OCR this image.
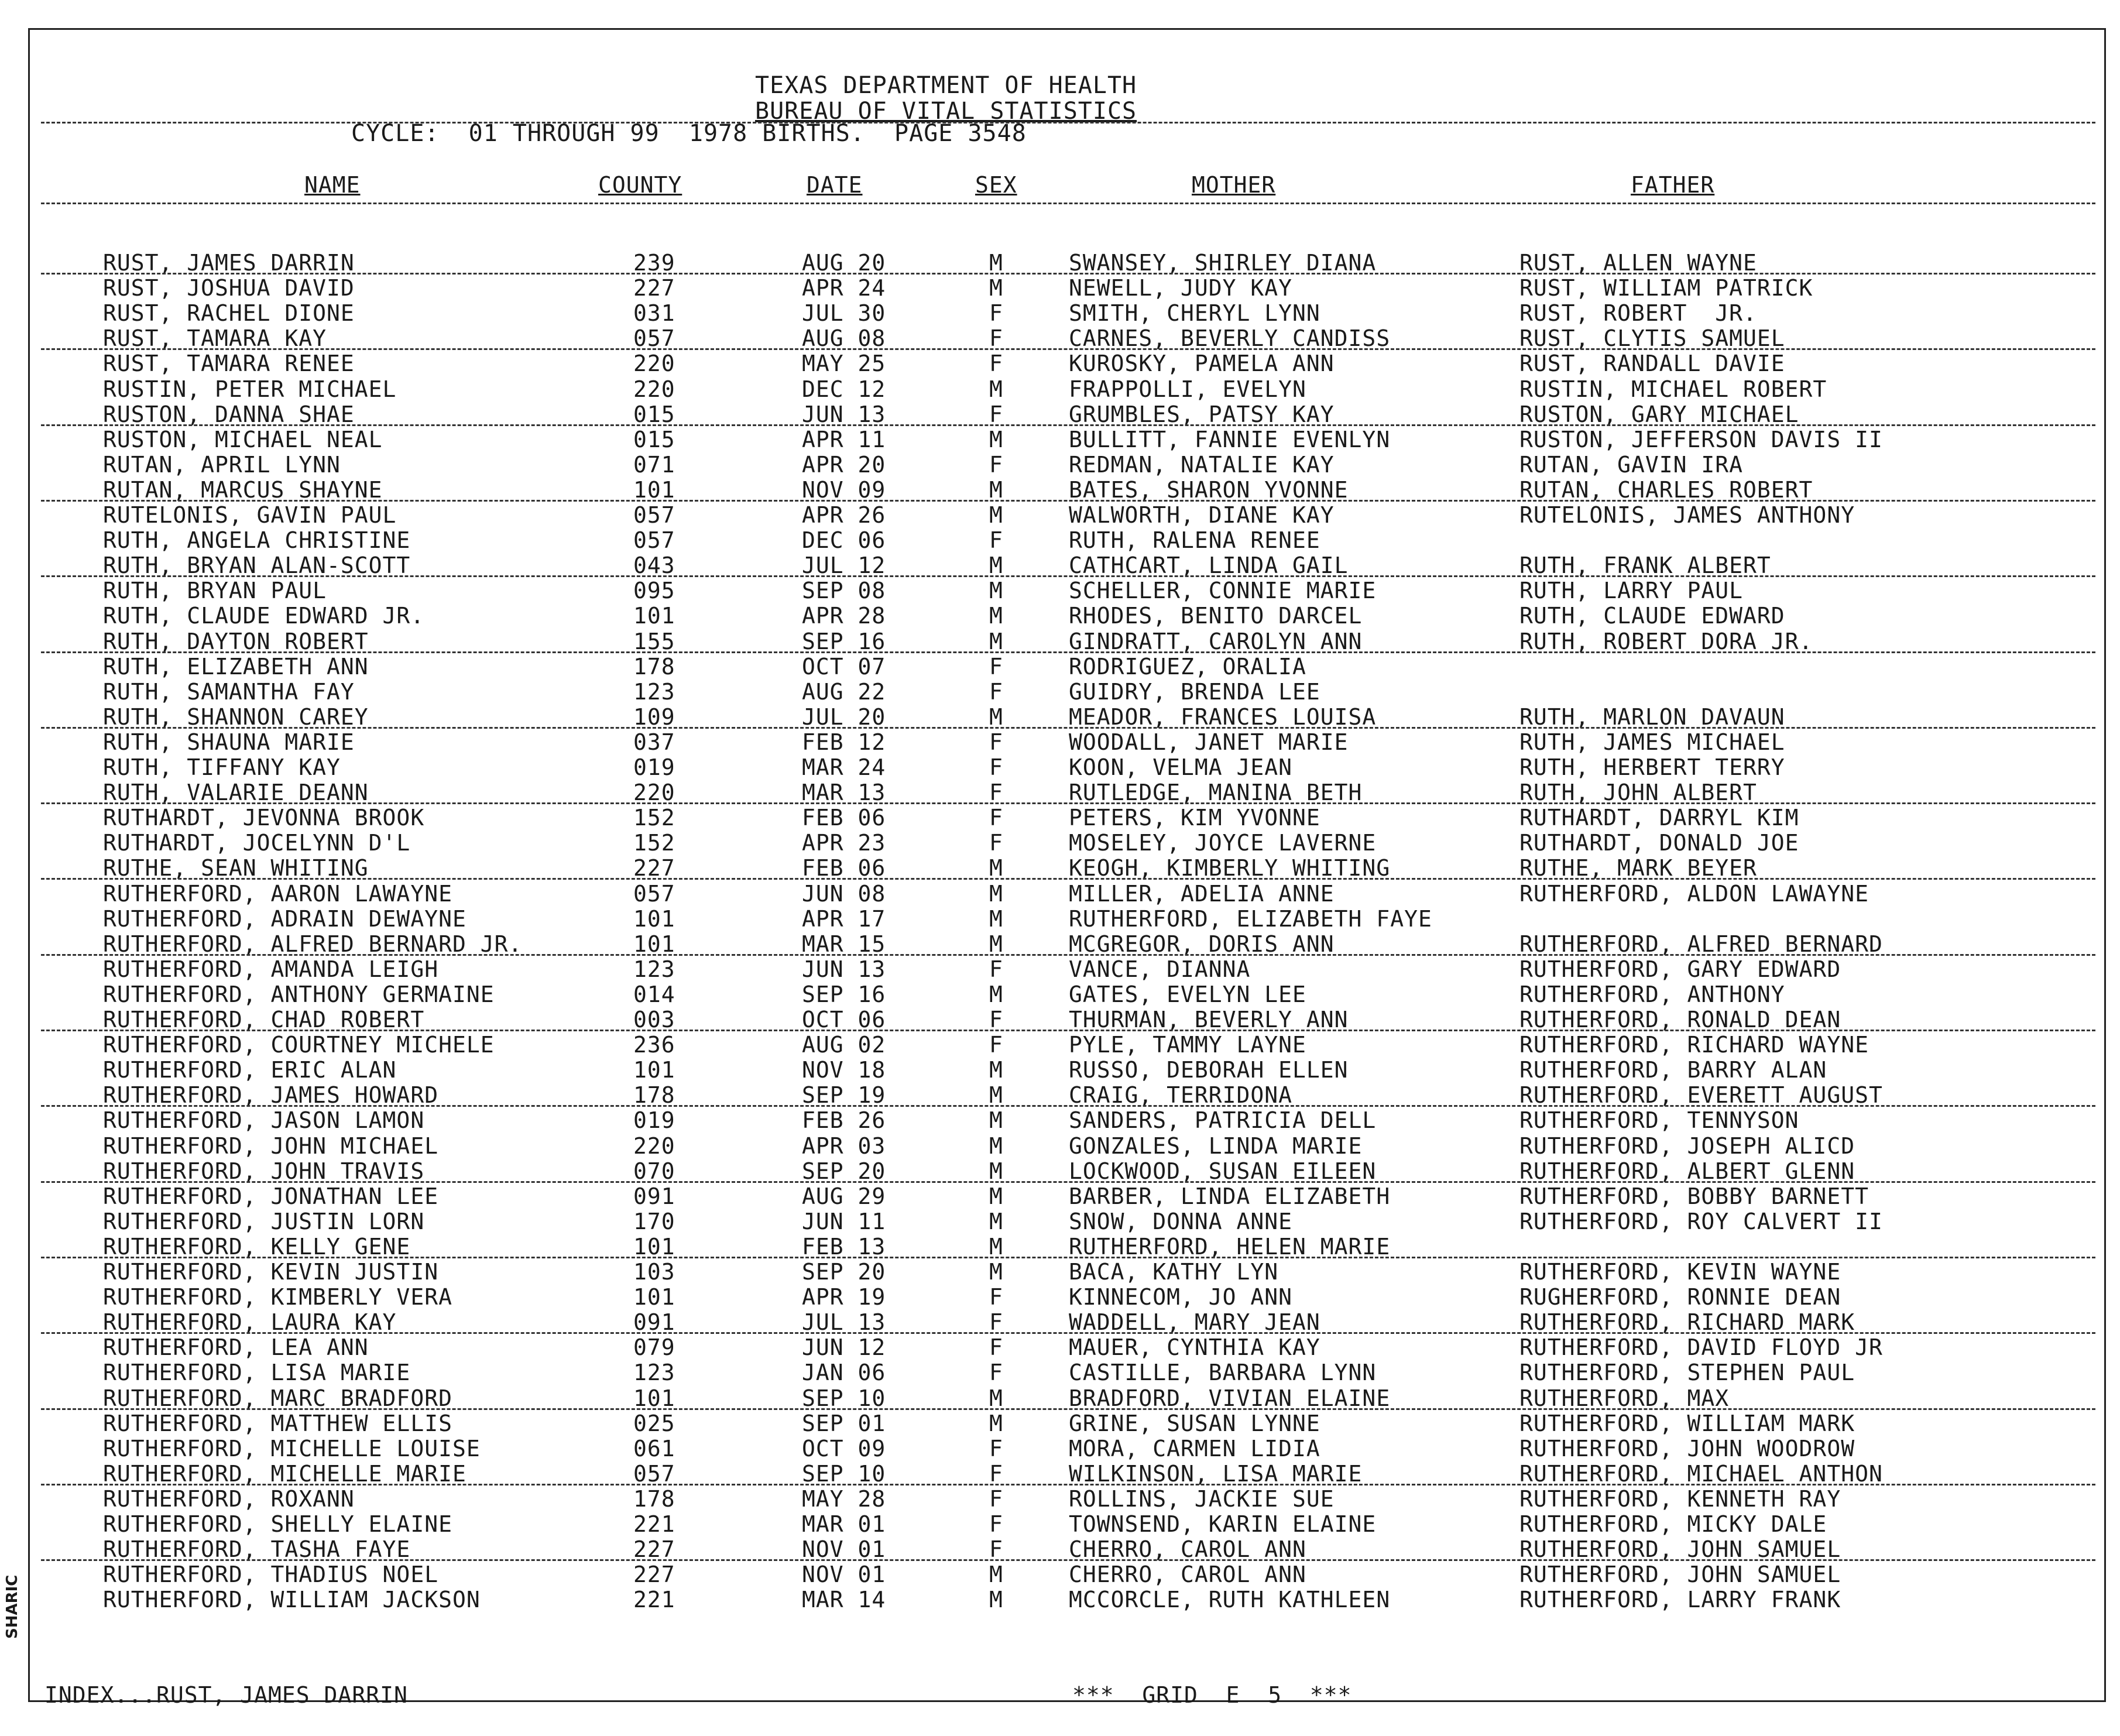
TEXAS DEPARTMENT OF HEALTH
BUREAU OF VITAL STATISTICS
CYCLE:  01 THROUGH 99  1978 BIRTHS.  PAGE 3548
NAME	COUNTY	DATE	SEX	MOTHER	FATHER
RUST, JAMES DARRIN	239	AUG 20	M	SWANSEY, SHIRLEY DIANA	RUST, ALLEN WAYNE
RUST, JOSHUA DAVID	227	APR 24	M	NEWELL, JUDY KAY	RUST, WILLIAM PATRICK
RUST, RACHEL DIONE	031	JUL 30	F	SMITH, CHERYL LYNN	RUST, ROBERT  JR.
RUST, TAMARA KAY	057	AUG 08	F	CARNES, BEVERLY CANDISS	RUST, CLYTIS SAMUEL
RUST, TAMARA RENEE	220	MAY 25	F	KUROSKY, PAMELA ANN	RUST, RANDALL DAVIE
RUSTIN, PETER MICHAEL	220	DEC 12	M	FRAPPOLLI, EVELYN	RUSTIN, MICHAEL ROBERT
RUSTON, DANNA SHAE	015	JUN 13	F	GRUMBLES, PATSY KAY	RUSTON, GARY MICHAEL
RUSTON, MICHAEL NEAL	015	APR 11	M	BULLITT, FANNIE EVENLYN	RUSTON, JEFFERSON DAVIS II
RUTAN, APRIL LYNN	071	APR 20	F	REDMAN, NATALIE KAY	RUTAN, GAVIN IRA
RUTAN, MARCUS SHAYNE	101	NOV 09	M	BATES, SHARON YVONNE	RUTAN, CHARLES ROBERT
RUTELONIS, GAVIN PAUL	057	APR 26	M	WALWORTH, DIANE KAY	RUTELONIS, JAMES ANTHONY
RUTH, ANGELA CHRISTINE	057	DEC 06	F	RUTH, RALENA RENEE
RUTH, BRYAN ALAN-SCOTT	043	JUL 12	M	CATHCART, LINDA GAIL	RUTH, FRANK ALBERT
RUTH, BRYAN PAUL	095	SEP 08	M	SCHELLER, CONNIE MARIE	RUTH, LARRY PAUL
RUTH, CLAUDE EDWARD JR.	101	APR 28	M	RHODES, BENITO DARCEL	RUTH, CLAUDE EDWARD
RUTH, DAYTON ROBERT	155	SEP 16	M	GINDRATT, CAROLYN ANN	RUTH, ROBERT DORA JR.
RUTH, ELIZABETH ANN	178	OCT 07	F	RODRIGUEZ, ORALIA
RUTH, SAMANTHA FAY	123	AUG 22	F	GUIDRY, BRENDA LEE
RUTH, SHANNON CAREY	109	JUL 20	M	MEADOR, FRANCES LOUISA	RUTH, MARLON DAVAUN
RUTH, SHAUNA MARIE	037	FEB 12	F	WOODALL, JANET MARIE	RUTH, JAMES MICHAEL
RUTH, TIFFANY KAY	019	MAR 24	F	KOON, VELMA JEAN	RUTH, HERBERT TERRY
RUTH, VALARIE DEANN	220	MAR 13	F	RUTLEDGE, MANINA BETH	RUTH, JOHN ALBERT
RUTHARDT, JEVONNA BROOK	152	FEB 06	F	PETERS, KIM YVONNE	RUTHARDT, DARRYL KIM
RUTHARDT, JOCELYNN D'L	152	APR 23	F	MOSELEY, JOYCE LAVERNE	RUTHARDT, DONALD JOE
RUTHE, SEAN WHITING	227	FEB 06	M	KEOGH, KIMBERLY WHITING	RUTHE, MARK BEYER
RUTHERFORD, AARON LAWAYNE	057	JUN 08	M	MILLER, ADELIA ANNE	RUTHERFORD, ALDON LAWAYNE
RUTHERFORD, ADRAIN DEWAYNE	101	APR 17	M	RUTHERFORD, ELIZABETH FAYE
RUTHERFORD, ALFRED BERNARD JR.	101	MAR 15	M	MCGREGOR, DORIS ANN	RUTHERFORD, ALFRED BERNARD
RUTHERFORD, AMANDA LEIGH	123	JUN 13	F	VANCE, DIANNA	RUTHERFORD, GARY EDWARD
RUTHERFORD, ANTHONY GERMAINE	014	SEP 16	M	GATES, EVELYN LEE	RUTHERFORD, ANTHONY
RUTHERFORD, CHAD ROBERT	003	OCT 06	F	THURMAN, BEVERLY ANN	RUTHERFORD, RONALD DEAN
RUTHERFORD, COURTNEY MICHELE	236	AUG 02	F	PYLE, TAMMY LAYNE	RUTHERFORD, RICHARD WAYNE
RUTHERFORD, ERIC ALAN	101	NOV 18	M	RUSSO, DEBORAH ELLEN	RUTHERFORD, BARRY ALAN
RUTHERFORD, JAMES HOWARD	178	SEP 19	M	CRAIG, TERRIDONA	RUTHERFORD, EVERETT AUGUST
RUTHERFORD, JASON LAMON	019	FEB 26	M	SANDERS, PATRICIA DELL	RUTHERFORD, TENNYSON
RUTHERFORD, JOHN MICHAEL	220	APR 03	M	GONZALES, LINDA MARIE	RUTHERFORD, JOSEPH ALICD
RUTHERFORD, JOHN TRAVIS	070	SEP 20	M	LOCKWOOD, SUSAN EILEEN	RUTHERFORD, ALBERT GLENN
RUTHERFORD, JONATHAN LEE	091	AUG 29	M	BARBER, LINDA ELIZABETH	RUTHERFORD, BOBBY BARNETT
RUTHERFORD, JUSTIN LORN	170	JUN 11	M	SNOW, DONNA ANNE	RUTHERFORD, ROY CALVERT II
RUTHERFORD, KELLY GENE	101	FEB 13	M	RUTHERFORD, HELEN MARIE
RUTHERFORD, KEVIN JUSTIN	103	SEP 20	M	BACA, KATHY LYN	RUTHERFORD, KEVIN WAYNE
RUTHERFORD, KIMBERLY VERA	101	APR 19	F	KINNECOM, JO ANN	RUGHERFORD, RONNIE DEAN
RUTHERFORD, LAURA KAY	091	JUL 13	F	WADDELL, MARY JEAN	RUTHERFORD, RICHARD MARK
RUTHERFORD, LEA ANN	079	JUN 12	F	MAUER, CYNTHIA KAY	RUTHERFORD, DAVID FLOYD JR
RUTHERFORD, LISA MARIE	123	JAN 06	F	CASTILLE, BARBARA LYNN	RUTHERFORD, STEPHEN PAUL
RUTHERFORD, MARC BRADFORD	101	SEP 10	M	BRADFORD, VIVIAN ELAINE	RUTHERFORD, MAX
RUTHERFORD, MATTHEW ELLIS	025	SEP 01	M	GRINE, SUSAN LYNNE	RUTHERFORD, WILLIAM MARK
RUTHERFORD, MICHELLE LOUISE	061	OCT 09	F	MORA, CARMEN LIDIA	RUTHERFORD, JOHN WOODROW
RUTHERFORD, MICHELLE MARIE	057	SEP 10	F	WILKINSON, LISA MARIE	RUTHERFORD, MICHAEL ANTHON
RUTHERFORD, ROXANN	178	MAY 28	F	ROLLINS, JACKIE SUE	RUTHERFORD, KENNETH RAY
RUTHERFORD, SHELLY ELAINE	221	MAR 01	F	TOWNSEND, KARIN ELAINE	RUTHERFORD, MICKY DALE
RUTHERFORD, TASHA FAYE	227	NOV 01	F	CHERRO, CAROL ANN	RUTHERFORD, JOHN SAMUEL
RUTHERFORD, THADIUS NOEL	227	NOV 01	M	CHERRO, CAROL ANN	RUTHERFORD, JOHN SAMUEL
RUTHERFORD, WILLIAM JACKSON	221	MAR 14	M	MCCORCLE, RUTH KATHLEEN	RUTHERFORD, LARRY FRANK
INDEX...RUST, JAMES DARRIN	***  GRID  E  5  ***
SHARIC
